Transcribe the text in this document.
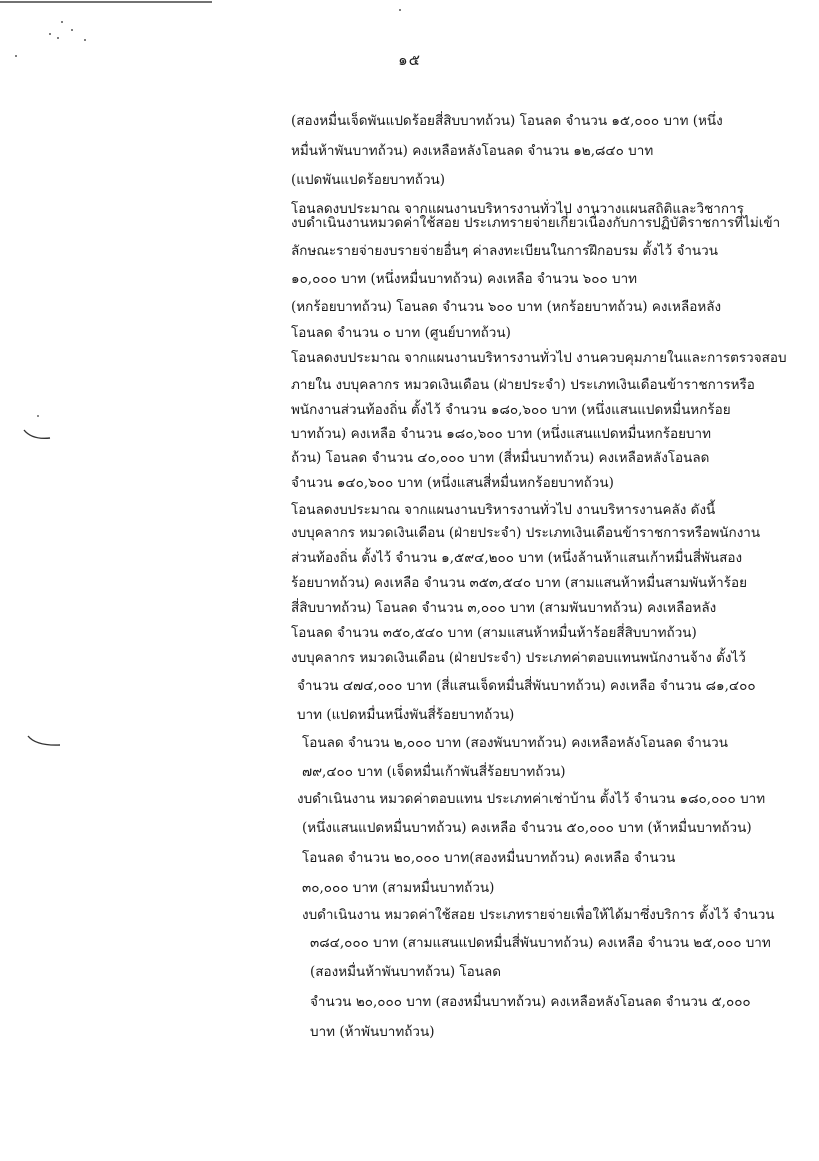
๑๕
(สองหมื่นเจ็ดพันแปดร้อยสี่สิบบาทถ้วน) โอนลด จำนวน ๑๕,๐๐๐ บาท (หนึ่ง
หมื่นห้าพันบาทถ้วน) คงเหลือหลังโอนลด จำนวน ๑๒,๘๔๐ บาท
(แปดพันแปดร้อยบาทถ้วน)
โอนลดงบประมาณ จากแผนงานบริหารงานทั่วไป งานวางแผนสถิติและวิชาการ
งบดำเนินงานหมวดค่าใช้สอย ประเภทรายจ่ายเกี่ยวเนื่องกับการปฏิบัติราชการที่ไม่เข้า
ลักษณะรายจ่ายงบรายจ่ายอื่นๆ ค่าลงทะเบียนในการฝึกอบรม ตั้งไว้ จำนวน
๑๐,๐๐๐ บาท (หนึ่งหมื่นบาทถ้วน) คงเหลือ จำนวน ๖๐๐ บาท
(หกร้อยบาทถ้วน) โอนลด จำนวน ๖๐๐ บาท (หกร้อยบาทถ้วน) คงเหลือหลัง
โอนลด จำนวน ๐ บาท (ศูนย์บาทถ้วน)
โอนลดงบประมาณ จากแผนงานบริหารงานทั่วไป งานควบคุมภายในและการตรวจสอบ
ภายใน งบบุคลากร หมวดเงินเดือน (ฝ่ายประจำ) ประเภทเงินเดือนข้าราชการหรือ
พนักงานส่วนท้องถิ่น ตั้งไว้ จำนวน ๑๘๐,๖๐๐ บาท (หนึ่งแสนแปดหมื่นหกร้อย
บาทถ้วน) คงเหลือ จำนวน ๑๘๐,๖๐๐ บาท (หนึ่งแสนแปดหมื่นหกร้อยบาท
ถ้วน) โอนลด จำนวน ๔๐,๐๐๐ บาท (สี่หมื่นบาทถ้วน) คงเหลือหลังโอนลด
จำนวน ๑๔๐,๖๐๐ บาท (หนึ่งแสนสี่หมื่นหกร้อยบาทถ้วน)
โอนลดงบประมาณ จากแผนงานบริหารงานทั่วไป งานบริหารงานคลัง ดังนี้
งบบุคลากร หมวดเงินเดือน (ฝ่ายประจำ) ประเภทเงินเดือนข้าราชการหรือพนักงาน
ส่วนท้องถิ่น ตั้งไว้ จำนวน ๑,๕๙๔,๒๐๐ บาท (หนึ่งล้านห้าแสนเก้าหมื่นสี่พันสอง
ร้อยบาทถ้วน) คงเหลือ จำนวน ๓๕๓,๕๔๐ บาท (สามแสนห้าหมื่นสามพันห้าร้อย
สี่สิบบาทถ้วน) โอนลด จำนวน ๓,๐๐๐ บาท (สามพันบาทถ้วน) คงเหลือหลัง
โอนลด จำนวน ๓๕๐,๕๔๐ บาท (สามแสนห้าหมื่นห้าร้อยสี่สิบบาทถ้วน)
งบบุคลากร หมวดเงินเดือน (ฝ่ายประจำ) ประเภทค่าตอบแทนพนักงานจ้าง ตั้งไว้
จำนวน ๔๗๔,๐๐๐ บาท (สี่แสนเจ็ดหมื่นสี่พันบาทถ้วน) คงเหลือ จำนวน ๘๑,๔๐๐
บาท (แปดหมื่นหนึ่งพันสี่ร้อยบาทถ้วน)
โอนลด จำนวน ๒,๐๐๐ บาท (สองพันบาทถ้วน) คงเหลือหลังโอนลด จำนวน
๗๙,๔๐๐ บาท (เจ็ดหมื่นเก้าพันสี่ร้อยบาทถ้วน)
งบดำเนินงาน หมวดค่าตอบแทน ประเภทค่าเช่าบ้าน ตั้งไว้ จำนวน ๑๘๐,๐๐๐ บาท
(หนึ่งแสนแปดหมื่นบาทถ้วน) คงเหลือ จำนวน ๕๐,๐๐๐ บาท (ห้าหมื่นบาทถ้วน)
โอนลด จำนวน ๒๐,๐๐๐ บาท(สองหมื่นบาทถ้วน) คงเหลือ จำนวน
๓๐,๐๐๐ บาท (สามหมื่นบาทถ้วน)
งบดำเนินงาน หมวดค่าใช้สอย ประเภทรายจ่ายเพื่อให้ได้มาซึ่งบริการ ตั้งไว้ จำนวน
๓๘๔,๐๐๐ บาท (สามแสนแปดหมื่นสี่พันบาทถ้วน) คงเหลือ จำนวน ๒๕,๐๐๐ บาท
(สองหมื่นห้าพันบาทถ้วน) โอนลด
จำนวน ๒๐,๐๐๐ บาท (สองหมื่นบาทถ้วน) คงเหลือหลังโอนลด จำนวน ๕,๐๐๐
บาท (ห้าพันบาทถ้วน)
